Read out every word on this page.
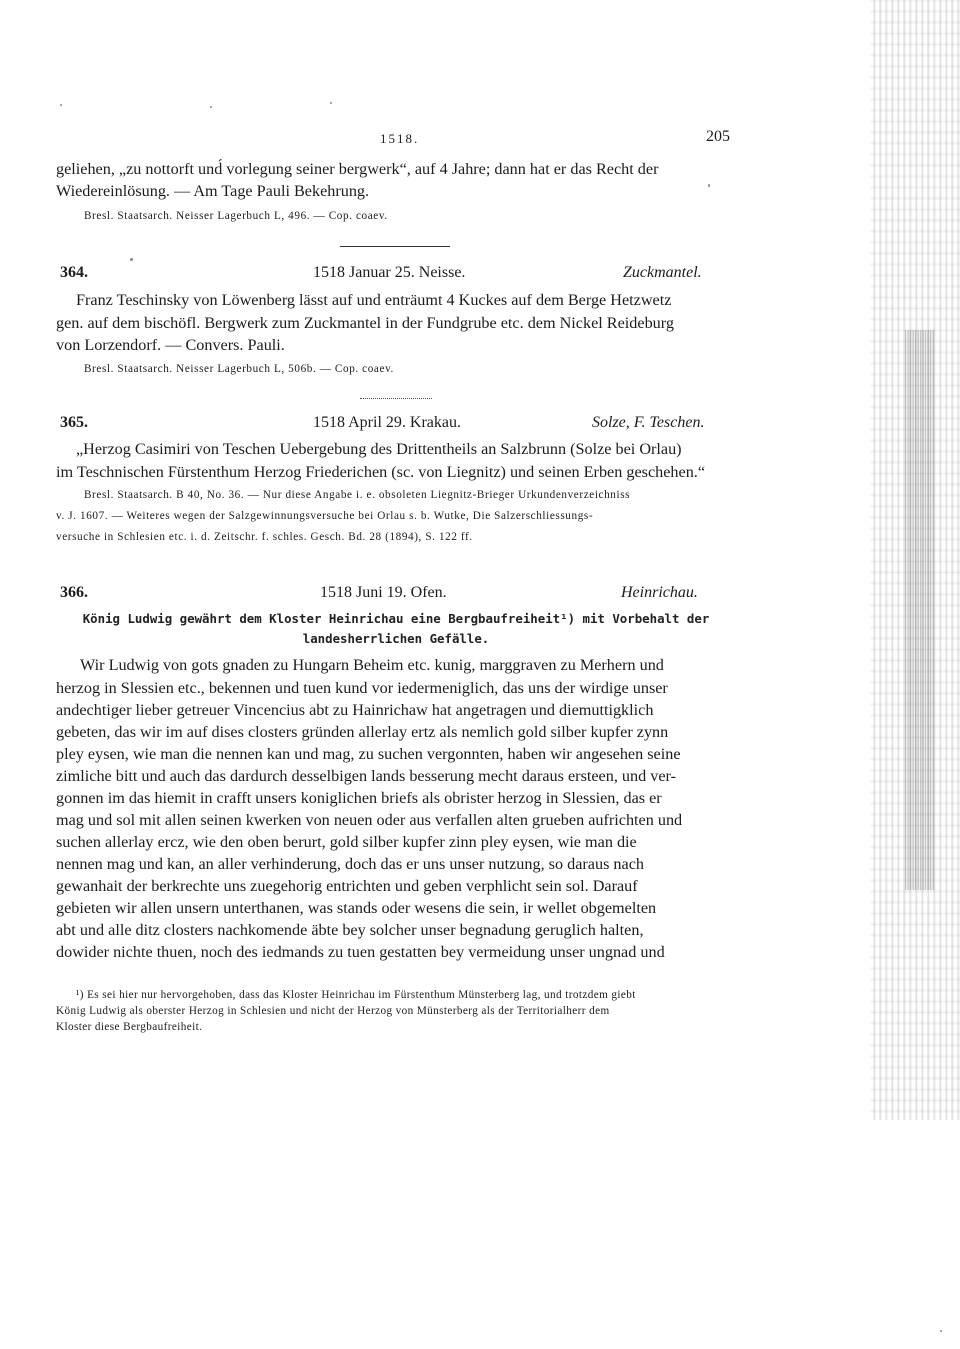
1518.	205
geliehen, „zu nottorft und́ vorlegung seiner bergwerk“, auf 4 Jahre; dann hat er das Recht der
Wiedereinlösung. — Am Tage Pauli Bekehrung.
Bresl. Staatsarch. Neisser Lagerbuch L, 496. — Cop. coaev.
364.	1518 Januar 25. Neisse.	Zuckmantel.
Franz Teschinsky von Löwenberg lässt auf und enträumt 4 Kuckes auf dem Berge Hetzwetz
gen. auf dem bischöfl. Bergwerk zum Zuckmantel in der Fundgrube etc. dem Nickel Reideburg
von Lorzendorf. — Convers. Pauli.
Bresl. Staatsarch. Neisser Lagerbuch L, 506b. — Cop. coaev.
365.	1518 April 29. Krakau.	Solze, F. Teschen.
„Herzog Casimiri von Teschen Uebergebung des Drittentheils an Salzbrunn (Solze bei Orlau)
im Teschnischen Fürstenthum Herzog Friederichen (sc. von Liegnitz) und seinen Erben geschehen.“
Bresl. Staatsarch. B 40, No. 36. — Nur diese Angabe i. e. obsoleten Liegnitz-Brieger Urkundenverzeichniss
v. J. 1607. — Weiteres wegen der Salzgewinnungsversuche bei Orlau s. b. Wutke, Die Salzerschliessungs-
versuche in Schlesien etc. i. d. Zeitschr. f. schles. Gesch. Bd. 28 (1894), S. 122 ff.
366.	1518 Juni 19. Ofen.	Heinrichau.
König Ludwig gewährt dem Kloster Heinrichau eine Bergbaufreiheit¹) mit Vorbehalt der
landesherrlichen Gefälle.
Wir Ludwig von gots gnaden zu Hungarn Beheim etc. kunig, marggraven zu Merhern und
herzog in Slessien etc., bekennen und tuen kund vor iedermeniglich, das uns der wirdige unser
andechtiger lieber getreuer Vincencius abt zu Hainrichaw hat angetragen und diemuttigklich
gebeten, das wir im auf dises closters gründen allerlay ertz als nemlich gold silber kupfer zynn
pley eysen, wie man die nennen kan und mag, zu suchen vergonnten, haben wir angesehen seine
zimliche bitt und auch das dardurch desselbigen lands besserung mecht daraus ersteen, und ver-
gonnen im das hiemit in crafft unsers koniglichen briefs als obrister herzog in Slessien, das er
mag und sol mit allen seinen kwerken von neuen oder aus verfallen alten grueben aufrichten und
suchen allerlay ercz, wie den oben berurt, gold silber kupfer zinn pley eysen, wie man die
nennen mag und kan, an aller verhinderung, doch das er uns unser nutzung, so daraus nach
gewanhait der berkrechte uns zuegehorig entrichten und geben verphlicht sein sol. Darauf
gebieten wir allen unsern unterthanen, was stands oder wesens die sein, ir wellet obgemelten
abt und alle ditz closters nachkomende äbte bey solcher unser begnadung geruglich halten,
dowider nichte thuen, noch des iedmands zu tuen gestatten bey vermeidung unser ungnad und
¹) Es sei hier nur hervorgehoben, dass das Kloster Heinrichau im Fürstenthum Münsterberg lag, und trotzdem giebt
König Ludwig als oberster Herzog in Schlesien und nicht der Herzog von Münsterberg als der Territorialherr dem
Kloster diese Bergbaufreiheit.
